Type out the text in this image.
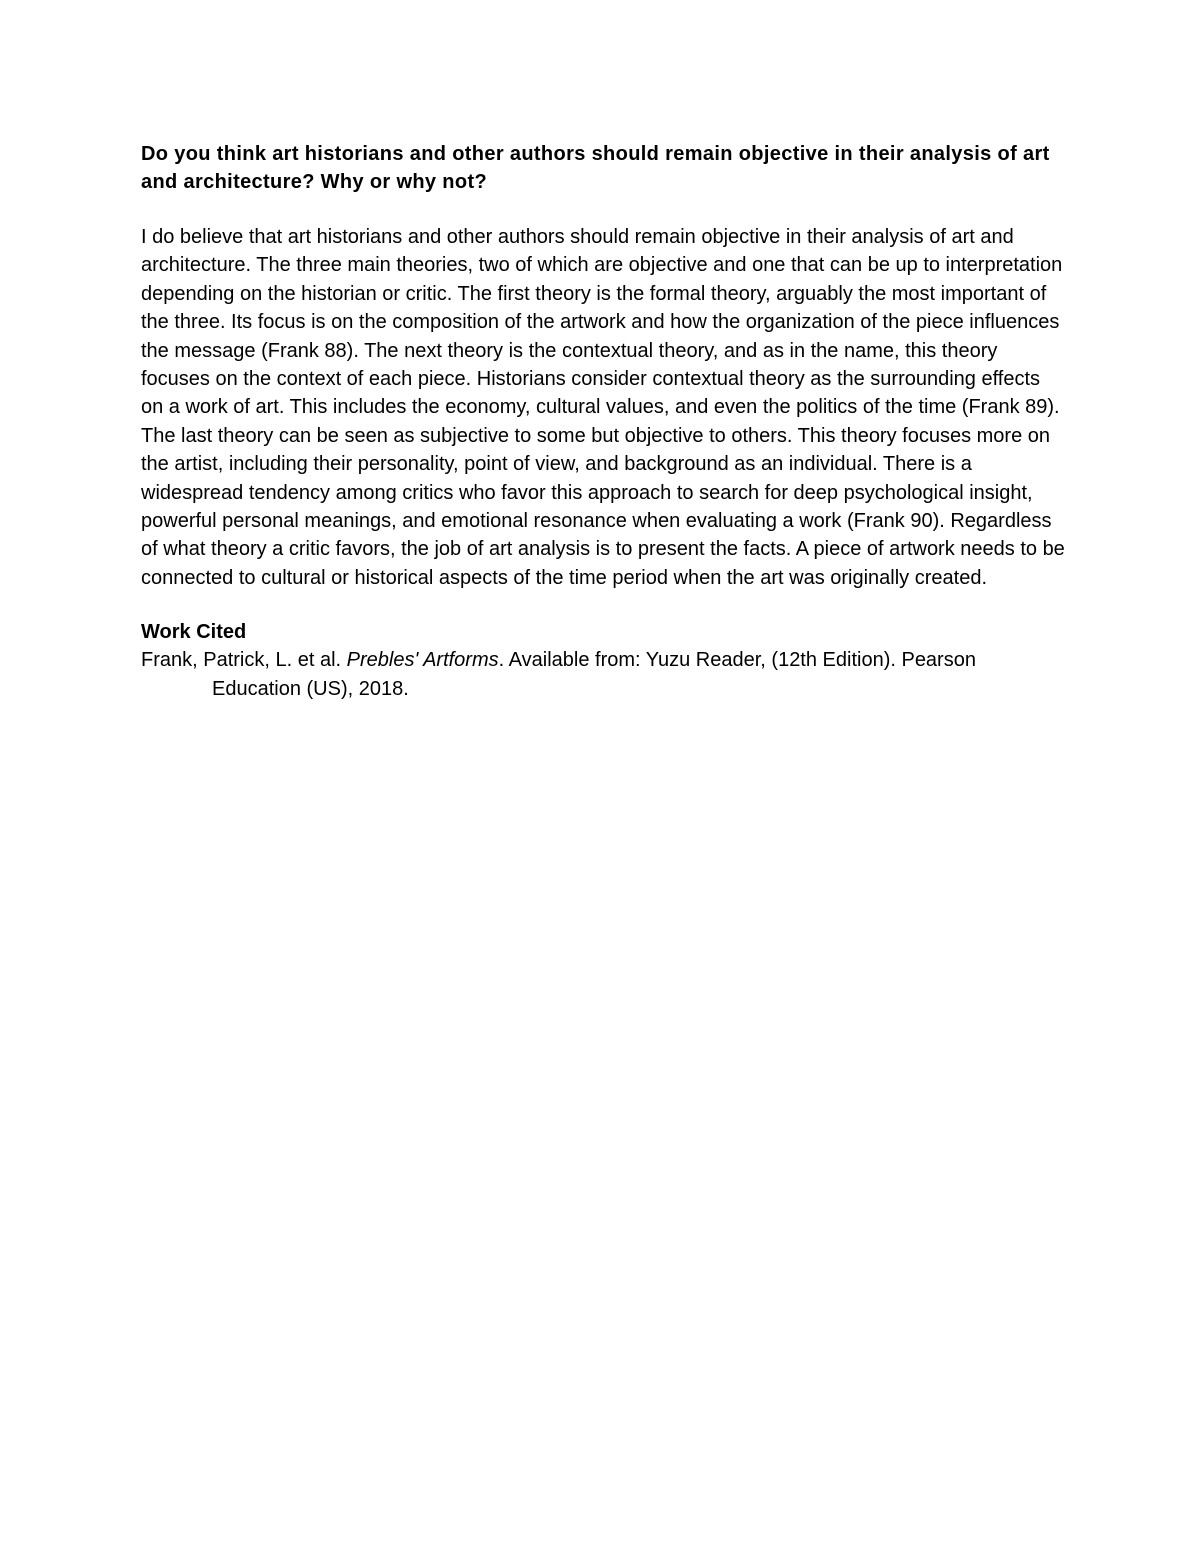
Do you think art historians and other authors should remain objective in their analysis of art and architecture? Why or why not?

I do believe that art historians and other authors should remain objective in their analysis of art and architecture. The three main theories, two of which are objective and one that can be up to interpretation depending on the historian or critic. The first theory is the formal theory, arguably the most important of the three. Its focus is on the composition of the artwork and how the organization of the piece influences the message (Frank 88). The next theory is the contextual theory, and as in the name, this theory focuses on the context of each piece. Historians consider contextual theory as the surrounding effects on a work of art. This includes the economy, cultural values, and even the politics of the time (Frank 89). The last theory can be seen as subjective to some but objective to others. This theory focuses more on the artist, including their personality, point of view, and background as an individual. There is a widespread tendency among critics who favor this approach to search for deep psychological insight, powerful personal meanings, and emotional resonance when evaluating a work (Frank 90). Regardless of what theory a critic favors, the job of art analysis is to present the facts. A piece of artwork needs to be connected to cultural or historical aspects of the time period when the art was originally created.

Work Cited

Frank, Patrick, L. et al. Prebles' Artforms. Available from: Yuzu Reader, (12th Edition). Pearson Education (US), 2018.
